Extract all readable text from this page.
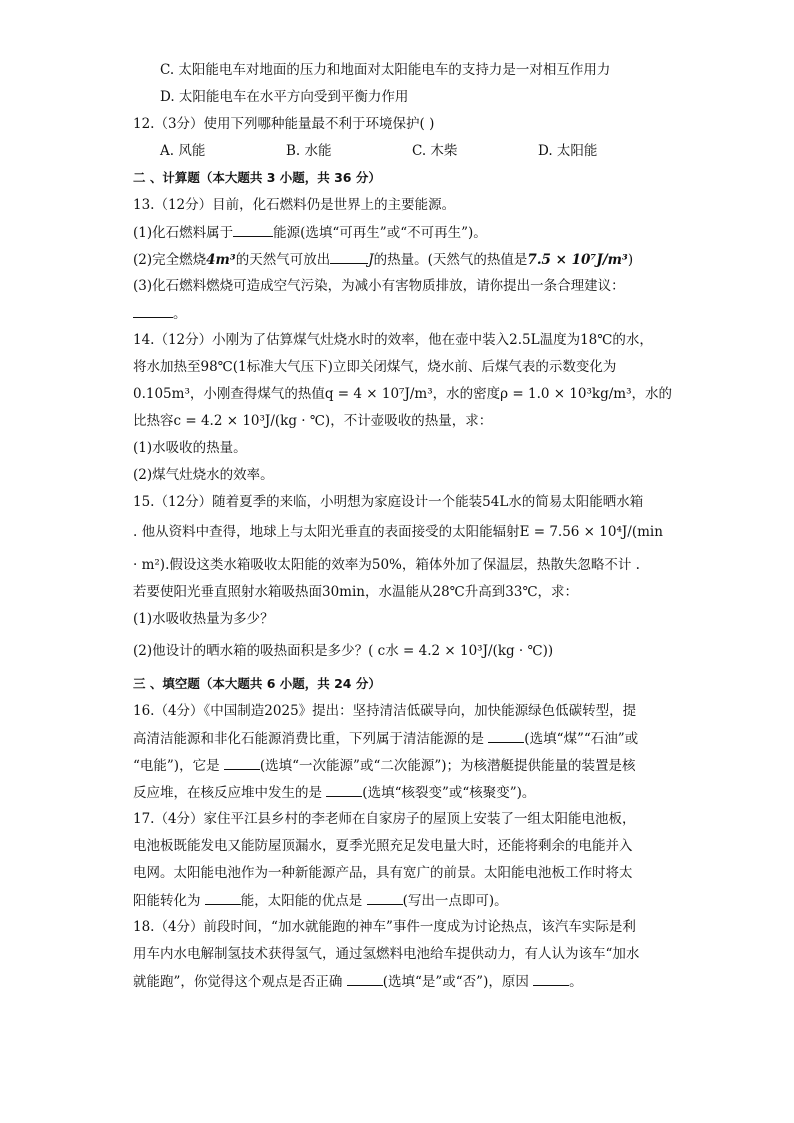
C. 太阳能电车对地面的压力和地面对太阳能电车的支持力是一对相互作用力
D. 太阳能电车在水平方向受到平衡力作用
12.（3分）使用下列哪种能量最不利于环境保护( )
A. 风能	B. 水能	C. 木柴	D. 太阳能
二 、计算题（本大题共 3 小题，共 36 分）
13.（12分）目前，化石燃料仍是世界上的主要能源。
(1)化石燃料属于	能源(选填“可再生”或“不可再生”)。
(2)完全燃烧4m³的天然气可放出	J的热量。(天然气的热值是7.5 × 10⁷J/m³)
(3)化石燃料燃烧可造成空气污染，为减小有害物质排放，请你提出一条合理建议：
。
14.（12分）小刚为了估算煤气灶烧水时的效率，他在壶中装入2.5L温度为18℃的水，
将水加热至98℃(1标准大气压下)立即关闭煤气，烧水前、后煤气表的示数变化为
0.105m³，小刚查得煤气的热值q = 4 × 10⁷J/m³，水的密度ρ = 1.0 × 10³kg/m³，水的
比热容c = 4.2 × 10³J/(kg · ℃)，不计壶吸收的热量，求：
(1)水吸收的热量。
(2)煤气灶烧水的效率。
15.（12分）随着夏季的来临，小明想为家庭设计一个能装54L水的简易太阳能晒水箱
. 他从资料中查得，地球上与太阳光垂直的表面接受的太阳能辐射E = 7.56 × 10⁴J/(min
· m²).假设这类水箱吸收太阳能的效率为50%，箱体外加了保温层，热散失忽略不计 .
若要使阳光垂直照射水箱吸热面30min，水温能从28℃升高到33℃，求：
(1)水吸收热量为多少？
(2)他设计的晒水箱的吸热面积是多少？( c水 = 4.2 × 10³J/(kg · ℃))
三 、填空题（本大题共 6 小题，共 24 分）
16.（4分）《中国制造2025》提出：坚持清洁低碳导向，加快能源绿色低碳转型，提
高清洁能源和非化石能源消费比重，下列属于清洁能源的是	(选填“煤”“石油”或
“电能”)，它是	(选填“一次能源”或“二次能源”)；为核潜艇提供能量的装置是核
反应堆，在核反应堆中发生的是	(选填“核裂变”或“核聚变”)。
17.（4分）家住平江县乡村的李老师在自家房子的屋顶上安装了一组太阳能电池板，
电池板既能发电又能防屋顶漏水，夏季光照充足发电量大时，还能将剩余的电能并入
电网。太阳能电池作为一种新能源产品，具有宽广的前景。太阳能电池板工作时将太
阳能转化为	能，太阳能的优点是	(写出一点即可)。
18.（4分）前段时间，“加水就能跑的神车”事件一度成为讨论热点，该汽车实际是利
用车内水电解制氢技术获得氢气，通过氢燃料电池给车提供动力，有人认为该车“加水
就能跑”，你觉得这个观点是否正确	(选填“是”或“否”)，原因	。
